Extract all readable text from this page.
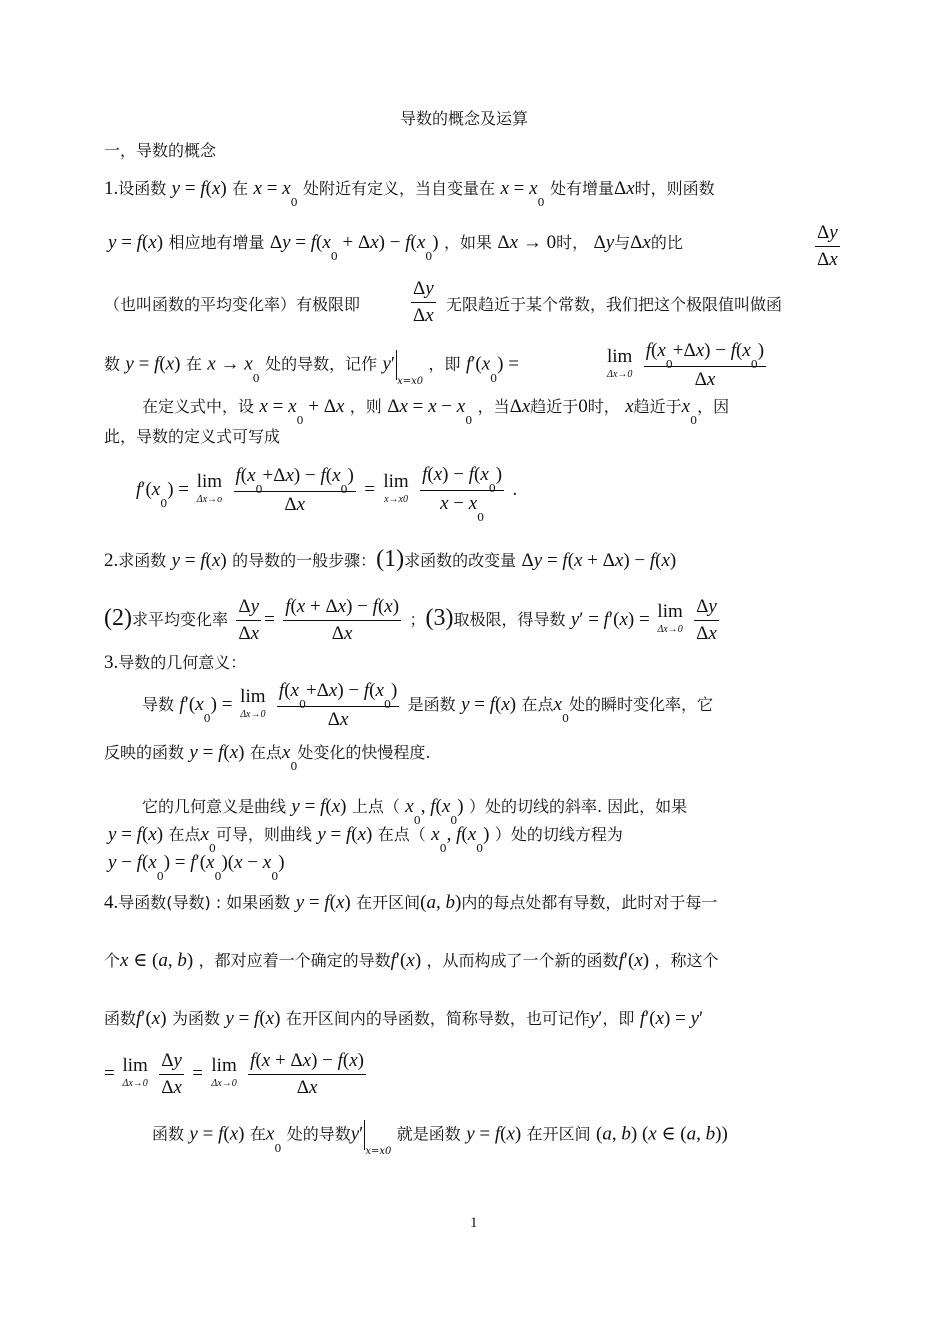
导数的概念及运算
一，导数的概念
1.设函数 y = f(x) 在 $x = x_0$ 处附近有定义，当自变量在 $x = x_0$ 处有增量Δx时，则函数
y = f(x) 相应地有增量 $\Delta y = f(x_0 + \Delta x) - f(x_0)$ ，如果 Δx → 0时， Δy与Δx的比	$\frac{\Delta y}{\Delta x}$
（也叫函数的平均变化率）有极限即	$\frac{\Delta y}{\Delta x}$ 无限趋近于某个常数，我们把这个极限值叫做函
数 y = f(x) 在 $x \to x_0$ 处的导数，记作 $y'_{x=x0}$ ，即 $f'(x_0)$ =	lim
Δx→0
$\frac{f(x_0+\Delta x) - f(x_0)}{\Delta x}$
在定义式中，设 $x = x_0 + \Delta x$ ，则 $\Delta x = x - x_0$ ，当Δx趋近于0时， x趋近于$x_0$，因
此，导数的定义式可写成
$f'(x_0) = \lim$
Δx→o
$\frac{f(x_0+\Delta x) - f(x_0)}{\Delta x} = \lim$
x→x0
$\frac{f(x) - f(x_0)}{x - x_0}$ .
2.求函数 y = f(x) 的导数的一般步骤：(1)求函数的改变量 Δy = f(x + Δx) − f(x)
(2)求平均变化率 $\frac{\Delta y}{\Delta x} = \frac{f(x + \Delta x) - f(x)}{\Delta x}$ ；(3)取极限，得导数 y′ = f′(x) = lim
Δx→0
$\frac{\Delta y}{\Delta x}$
3.导数的几何意义：
导数 $f'(x_0) = \lim$
Δx→0
$\frac{f(x_0+\Delta x) - f(x_0)}{\Delta x}$ 是函数 y = f(x) 在点$x_0$处的瞬时变化率，它
反映的函数 y = f(x) 在点$x_0$处变化的快慢程度.
它的几何意义是曲线 y = f(x) 上点（ $x_0$, $f(x_0)$ ）处的切线的斜率. 因此，如果
y = f(x) 在点$x_0$可导，则曲线 y = f(x) 在点（ $x_0$, $f(x_0)$ ）处的切线方程为
$y - f(x_0) = f'(x_0)(x - x_0)$
4.导函数(导数) : 如果函数 y = f(x) 在开区间(a, b)内的每点处都有导数，此时对于每一
个x ∈ (a, b) ，都对应着一个确定的导数f′(x) ，从而构成了一个新的函数f′(x) ，称这个
函数f′(x) 为函数 y = f(x) 在开区间内的导函数，简称导数，也可记作y′，即 f′(x) = y′
= lim
Δx→0
$\frac{\Delta y}{\Delta x} = \lim$
Δx→0
$\frac{f(x + \Delta x) - f(x)}{\Delta x}$
函数 y = f(x) 在$x_0$ 处的导数$y'_{x=x0}$ 就是函数 y = f(x) 在开区间 (a, b) (x ∈ (a, b))
1
